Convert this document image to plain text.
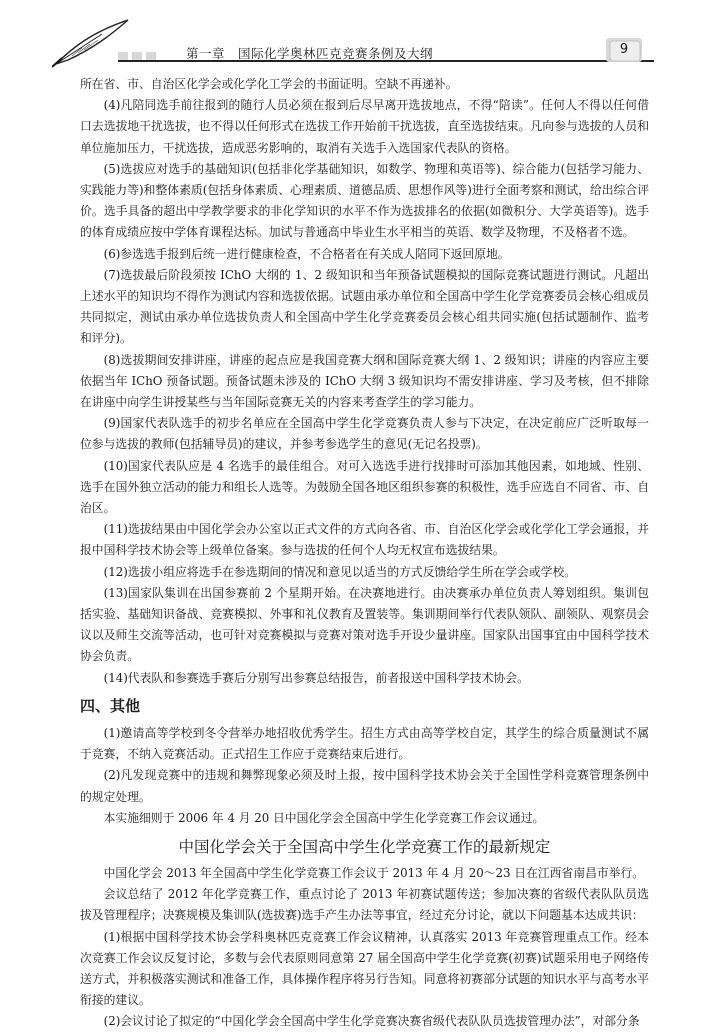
第一章　国际化学奥林匹克竞赛条例及大纲	9

所在省、市、自治区化学会或化学化工学会的书面证明。空缺不再递补。

(4)凡陪同选手前往报到的随行人员必须在报到后尽早离开选拔地点，不得“陪读”。任何人不得以任何借口去选拔地干扰选拔，也不得以任何形式在选拔工作开始前干扰选拔，直至选拔结束。凡向参与选拔的人员和单位施加压力，干扰选拔，造成恶劣影响的，取消有关选手入选国家代表队的资格。

(5)选拔应对选手的基础知识(包括非化学基础知识，如数学、物理和英语等)、综合能力(包括学习能力、实践能力等)和整体素质(包括身体素质、心理素质、道德品质、思想作风等)进行全面考察和测试，给出综合评价。选手具备的超出中学教学要求的非化学知识的水平不作为选拔排名的依据(如微积分、大学英语等)。选手的体育成绩应按中学体育课程达标。加试与普通高中毕业生水平相当的英语、数学及物理，不及格者不选。

(6)参选选手报到后统一进行健康检查，不合格者在有关成人陪同下返回原地。

(7)选拔最后阶段须按 IChO 大纲的 1、2 级知识和当年预备试题模拟的国际竞赛试题进行测试。凡超出上述水平的知识均不得作为测试内容和选拔依据。试题由承办单位和全国高中学生化学竞赛委员会核心组成员共同拟定，测试由承办单位选拔负责人和全国高中学生化学竞赛委员会核心组共同实施(包括试题制作、监考和评分)。

(8)选拔期间安排讲座，讲座的起点应是我国竞赛大纲和国际竞赛大纲 1、2 级知识；讲座的内容应主要依据当年 IChO 预备试题。预备试题未涉及的 IChO 大纲 3 级知识均不需安排讲座、学习及考核，但不排除在讲座中向学生讲授某些与当年国际竞赛无关的内容来考查学生的学习能力。

(9)国家代表队选手的初步名单应在全国高中学生化学竞赛负责人参与下决定，在决定前应广泛听取每一位参与选拔的教师(包括辅导员)的建议，并参考参选学生的意见(无记名投票)。

(10)国家代表队应是 4 名选手的最佳组合。对可入选选手进行找排时可添加其他因素，如地域、性别、选手在国外独立活动的能力和组长人选等。为鼓励全国各地区组织参赛的积极性，选手应选自不同省、市、自治区。

(11)选拔结果由中国化学会办公室以正式文件的方式向各省、市、自治区化学会或化学化工学会通报，并报中国科学技术协会等上级单位备案。参与选拔的任何个人均无权宣布选拔结果。

(12)选拔小组应将选手在参选期间的情况和意见以适当的方式反馈给学生所在学会或学校。

(13)国家队集训在出国参赛前 2 个星期开始。在决赛地进行。由决赛承办单位负责人筹划组织。集训包括实验、基础知识备战、竞赛模拟、外事和礼仪教育及置装等。集训期间举行代表队领队、副领队、观察员会议以及师生交流等活动，也可针对竞赛模拟与竞赛对策对选手开设少量讲座。国家队出国事宜由中国科学技术协会负责。

(14)代表队和参赛选手赛后分别写出参赛总结报告，前者报送中国科学技术协会。

四、其他

(1)邀请高等学校到冬令营举办地招收优秀学生。招生方式由高等学校自定，其学生的综合质量测试不属于竞赛，不纳入竞赛活动。正式招生工作应于竞赛结束后进行。

(2)凡发现竞赛中的违规和舞弊现象必须及时上报，按中国科学技术协会关于全国性学科竞赛管理条例中的规定处理。

本实施细则于 2006 年 4 月 20 日中国化学会全国高中学生化学竞赛工作会议通过。

中国化学会关于全国高中学生化学竞赛工作的最新规定

中国化学会 2013 年全国高中学生化学竞赛工作会议于 2013 年 4 月 20～23 日在江西省南昌市举行。

会议总结了 2012 年化学竞赛工作，重点讨论了 2013 年初赛试题传送；参加决赛的省级代表队队员选拔及管理程序；决赛规模及集训队(选拔赛)选手产生办法等事宜，经过充分讨论，就以下问题基本达成共识：

(1)根据中国科学技术协会学科奥林匹克竞赛工作会议精神，认真落实 2013 年竞赛管理重点工作。经本次竞赛工作会议反复讨论，多数与会代表原则同意第 27 届全国高中学生化学竞赛(初赛)试题采用电子网络传送方式，并积极落实测试和准备工作，具体操作程序将另行告知。同意将初赛部分试题的知识水平与高考水平衔接的建议。

(2)会议讨论了拟定的“中国化学会全国高中学生化学竞赛决赛省级代表队队员选拔管理办法”，对部分条
